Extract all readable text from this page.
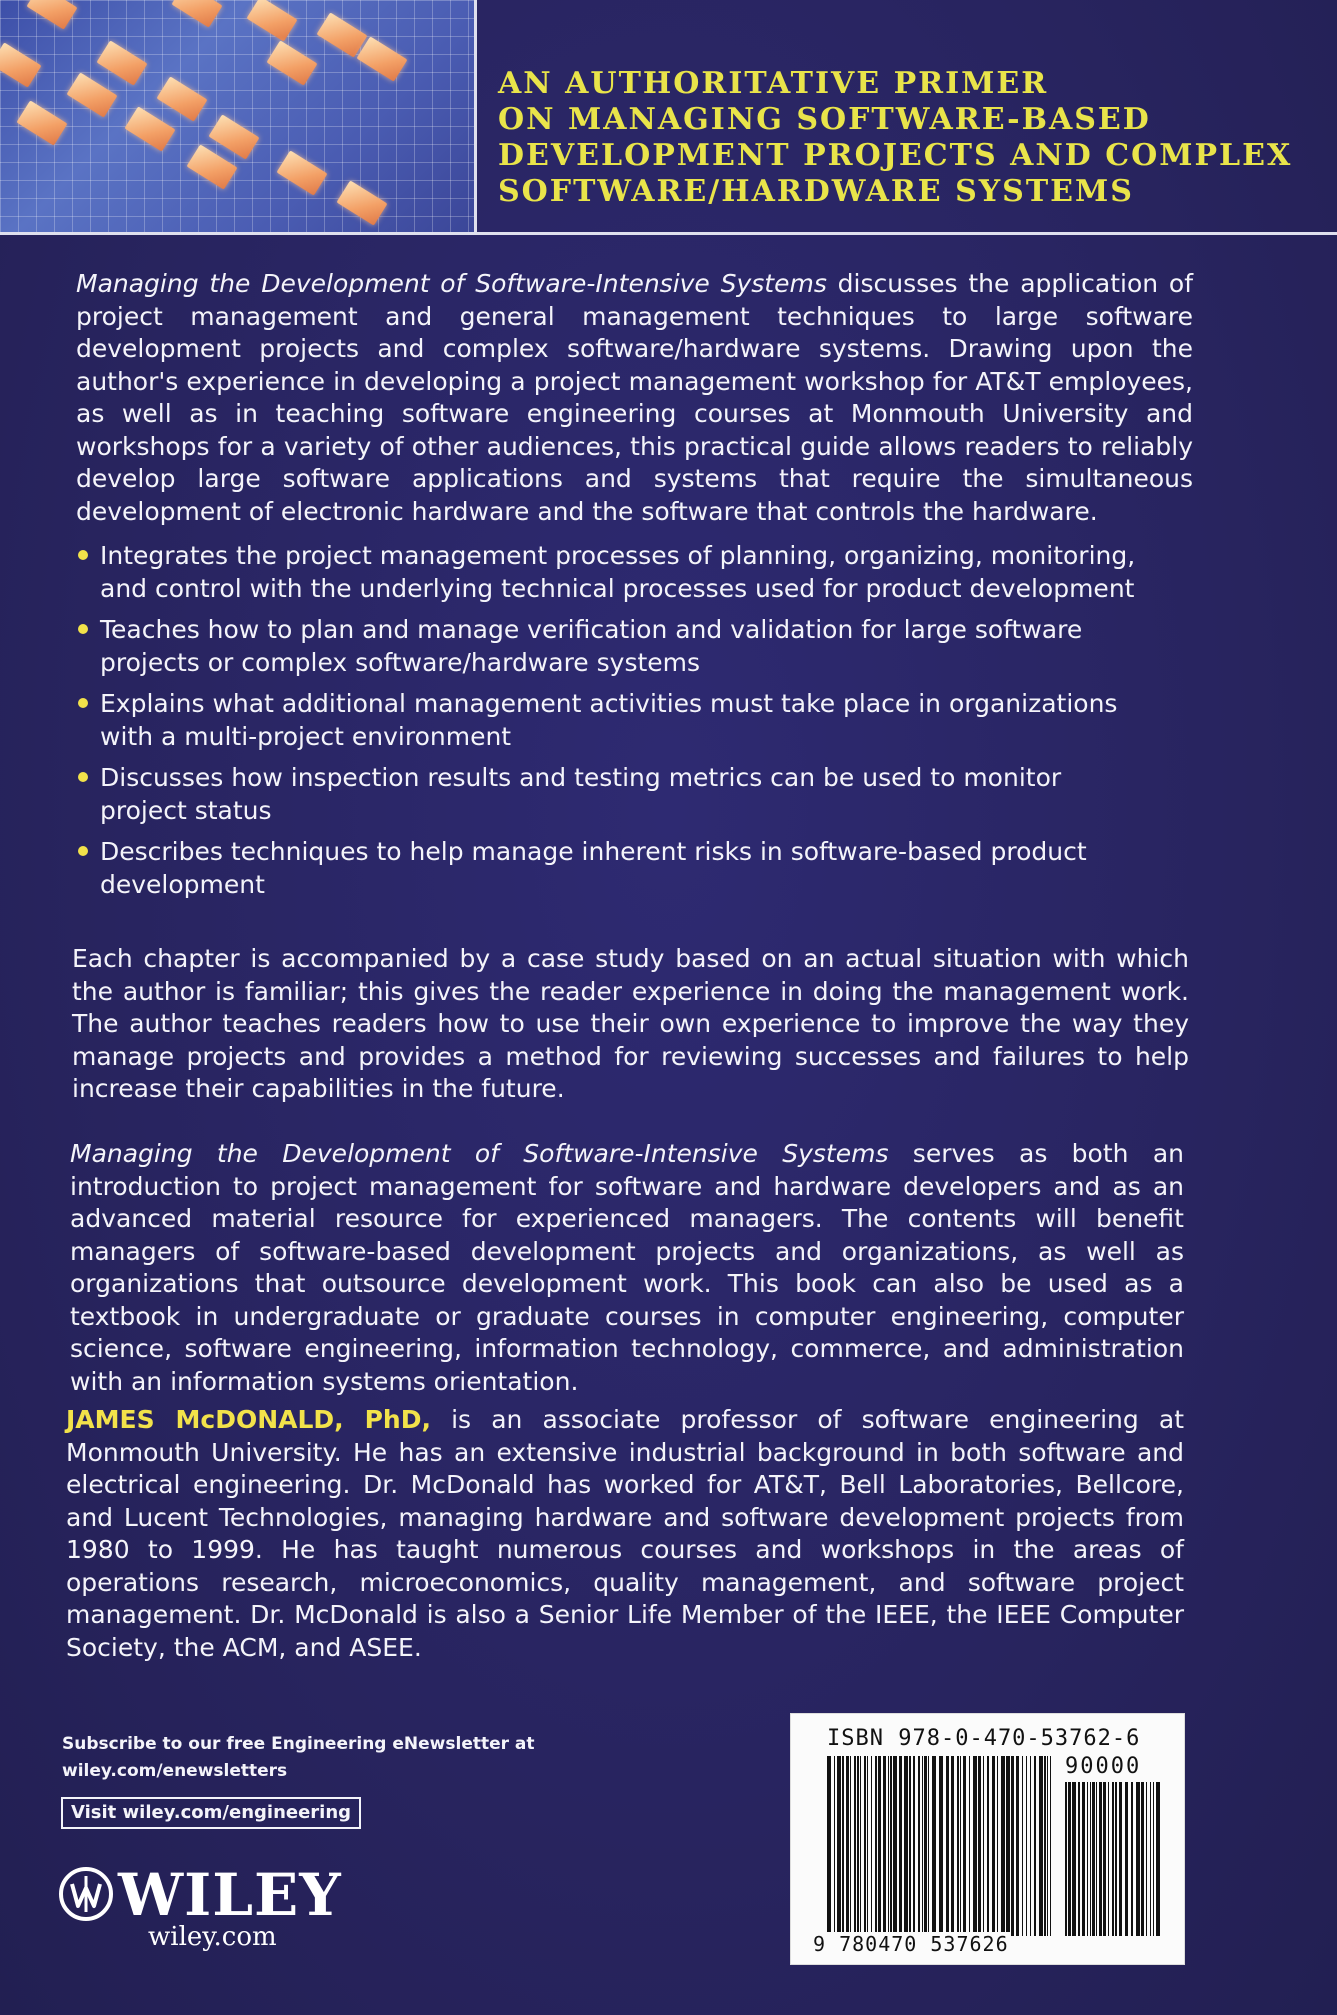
AN AUTHORITATIVE PRIMER
ON MANAGING SOFTWARE-BASED
DEVELOPMENT PROJECTS AND COMPLEX
SOFTWARE/HARDWARE SYSTEMS

Managing the Development of Software-Intensive Systems discusses the application of project management and general management techniques to large software development projects and complex software/hardware systems. Drawing upon the author's experience in developing a project management workshop for AT&T employees, as well as in teaching software engineering courses at Monmouth University and workshops for a variety of other audiences, this practical guide allows readers to reliably develop large software applications and systems that require the simultaneous development of electronic hardware and the software that controls the hardware.

Integrates the project management processes of planning, organizing, monitoring, and control with the underlying technical processes used for product development
Teaches how to plan and manage verification and validation for large software projects or complex software/hardware systems
Explains what additional management activities must take place in organizations with a multi-project environment
Discusses how inspection results and testing metrics can be used to monitor project status
Describes techniques to help manage inherent risks in software-based product development

Each chapter is accompanied by a case study based on an actual situation with which the author is familiar; this gives the reader experience in doing the management work. The author teaches readers how to use their own experience to improve the way they manage projects and provides a method for reviewing successes and failures to help increase their capabilities in the future.

Managing the Development of Software-Intensive Systems serves as both an introduction to project management for software and hardware developers and as an advanced material resource for experienced managers. The contents will benefit managers of software-based development projects and organizations, as well as organizations that outsource development work. This book can also be used as a textbook in undergraduate or graduate courses in computer engineering, computer science, software engineering, information technology, commerce, and administration with an information systems orientation.

JAMES McDONALD, PhD, is an associate professor of software engineering at Monmouth University. He has an extensive industrial background in both software and electrical engineering. Dr. McDonald has worked for AT&T, Bell Laboratories, Bellcore, and Lucent Technologies, managing hardware and software development projects from 1980 to 1999. He has taught numerous courses and workshops in the areas of operations research, microeconomics, quality management, and software project management. Dr. McDonald is also a Senior Life Member of the IEEE, the IEEE Computer Society, the ACM, and ASEE.

Subscribe to our free Engineering eNewsletter at
wiley.com/enewsletters
Visit wiley.com/engineering
WILEY
wiley.com
ISBN 978-0-470-53762-6
90000
9 780470 537626
